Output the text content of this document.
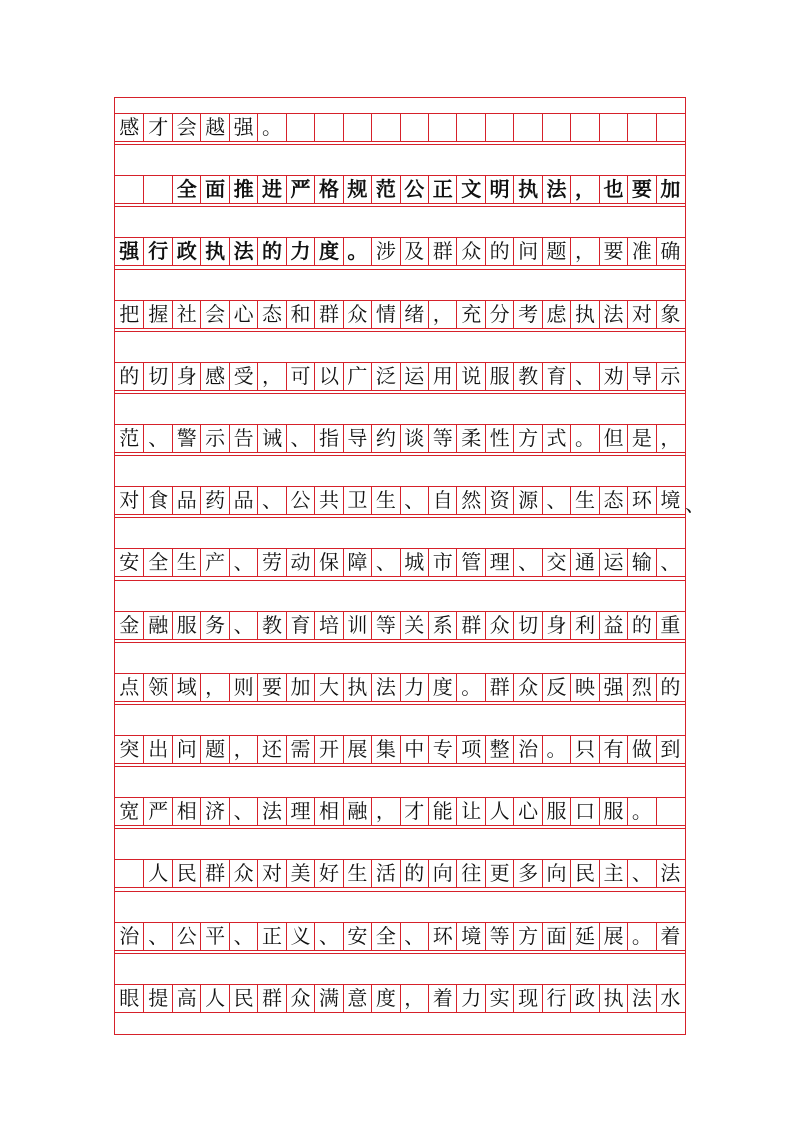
感 才 会 越 强 。
全 面 推 进 严 格 规 范 公 正 文 明 执 法 ， 也 要 加
强 行 政 执 法 的 力 度 。 涉 及 群 众 的 问 题 ， 要 准 确
把 握 社 会 心 态 和 群 众 情 绪 ， 充 分 考 虑 执 法 对 象
的 切 身 感 受 ， 可 以 广 泛 运 用 说 服 教 育 、 劝 导 示
范 、 警 示 告 诫 、 指 导 约 谈 等 柔 性 方 式 。 但 是 ，
对 食 品 药 品 、 公 共 卫 生 、 自 然 资 源 、 生 态 环 境 、
安 全 生 产 、 劳 动 保 障 、 城 市 管 理 、 交 通 运 输 、
金 融 服 务 、 教 育 培 训 等 关 系 群 众 切 身 利 益 的 重
点 领 域 ， 则 要 加 大 执 法 力 度 。 群 众 反 映 强 烈 的
突 出 问 题 ， 还 需 开 展 集 中 专 项 整 治 。 只 有 做 到
宽 严 相 济 、 法 理 相 融 ， 才 能 让 人 心 服 口 服 。
人 民 群 众 对 美 好 生 活 的 向 往 更 多 向 民 主 、 法
治 、 公 平 、 正 义 、 安 全 、 环 境 等 方 面 延 展 。 着
眼 提 高 人 民 群 众 满 意 度 ， 着 力 实 现 行 政 执 法 水
